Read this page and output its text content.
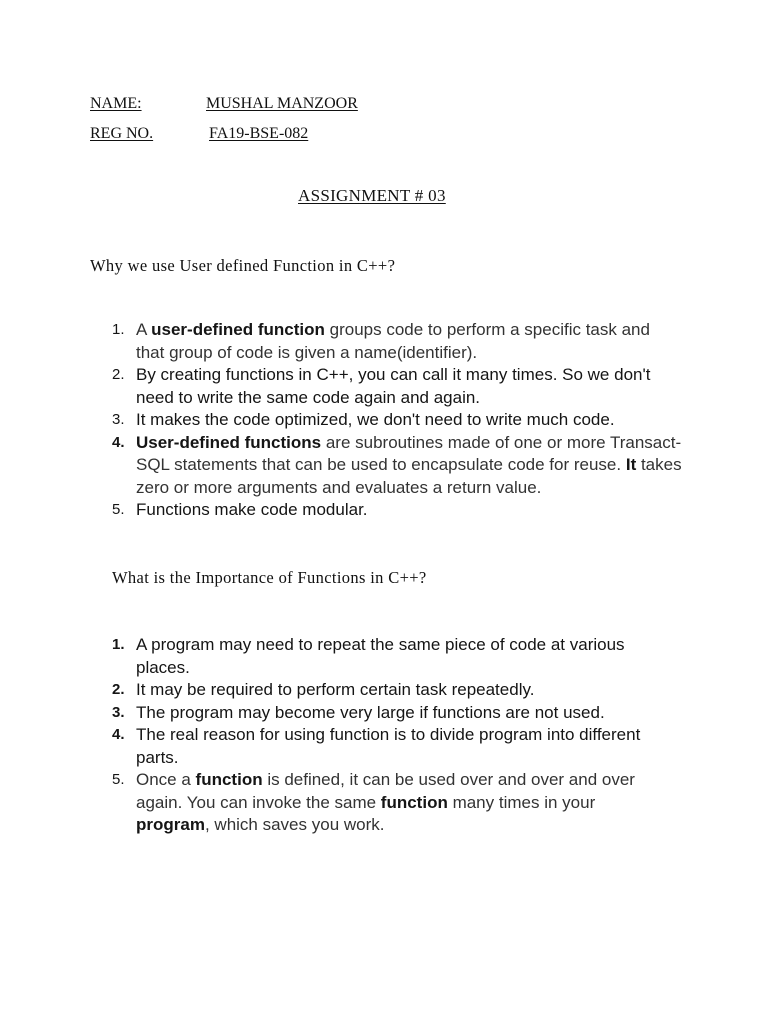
NAME:	MUSHAL MANZOOR
REG NO.	FA19-BSE-082
ASSIGNMENT # 03
Why we use User defined Function in C++?
1. A user-defined function groups code to perform a specific task and that group of code is given a name(identifier).
2. By creating functions in C++, you can call it many times. So we don't need to write the same code again and again.
3. It makes the code optimized, we don't need to write much code.
4. User-defined functions are subroutines made of one or more Transact-SQL statements that can be used to encapsulate code for reuse. It takes zero or more arguments and evaluates a return value.
5. Functions make code modular.
What is the Importance of Functions in C++?
1. A program may need to repeat the same piece of code at various places.
2. It may be required to perform certain task repeatedly.
3. The program may become very large if functions are not used.
4. The real reason for using function is to divide program into different parts.
5. Once a function is defined, it can be used over and over and over again. You can invoke the same function many times in your program, which saves you work.
